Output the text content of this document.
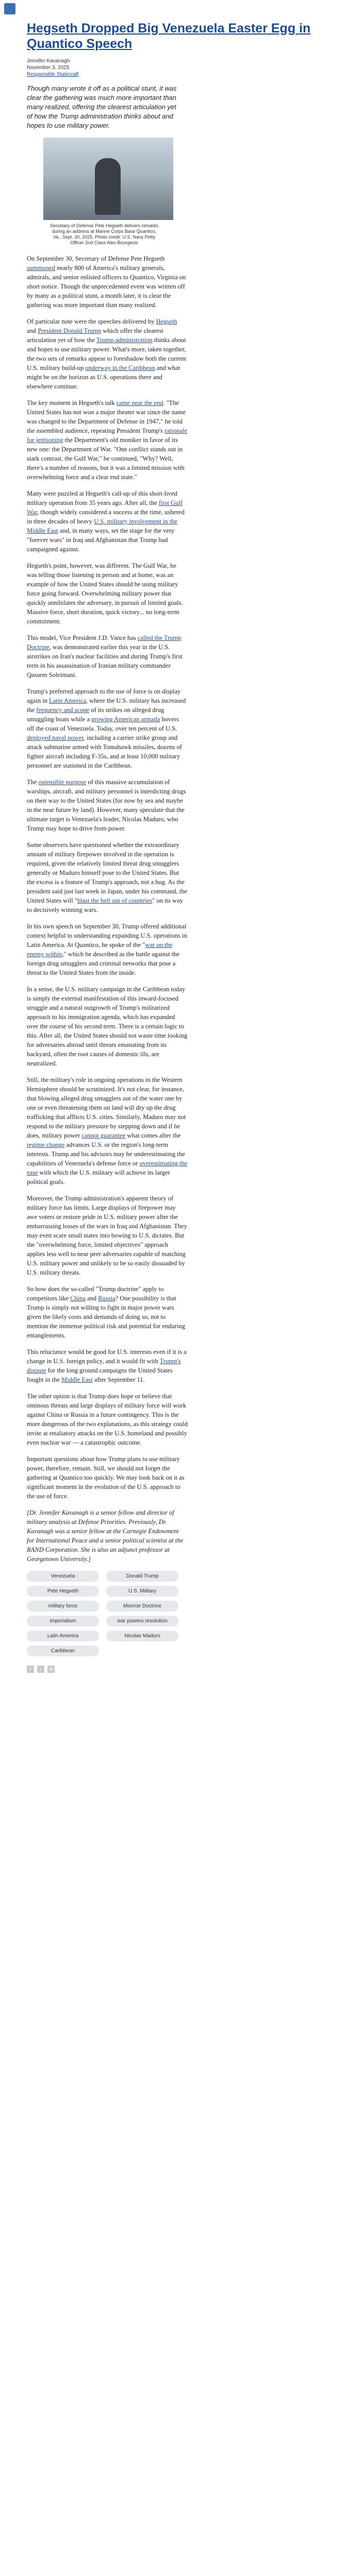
Hegseth Dropped Big Venezuela Easter Egg in Quantico Speech
Jennifer Kavanagh
November 3, 2025
Responsible Statecraft

Though many wrote it off as a political stunt, it was clear the gathering was much more important than many realized, offering the clearest articulation yet of how the Trump administration thinks about and hopes to use military power.

Secretary of Defense Pete Hegseth delivers remarks
during an address at Marine Corps Base Quantico,
Va., Sept. 30, 2025. Photo credit: U.S. Navy Petty
Officer 2nd Class Alex Bourgeois

On September 30, Secretary of Defense Pete Hegseth summoned nearly 800 of America's military generals, admirals, and senior enlisted officers to Quantico, Virginia on short notice. Though the unprecedented event was written off by many as a political stunt, a month later, it is clear the gathering was more important than many realized.

Of particular note were the speeches delivered by Hegseth and President Donald Trump which offer the clearest articulation yet of how the Trump administration thinks about and hopes to use military power. What's more, taken together, the two sets of remarks appear to foreshadow both the current U.S. military build-up underway in the Caribbean and what might be on the horizon as U.S. operations there and elsewhere continue.

The key moment in Hegseth's talk came near the end. "The United States has not won a major theater war since the name was changed to the Department of Defense in 1947," he told the assembled audience, repeating President Trump's rationale for jettisoning the Department's old moniker in favor of its new one: the Department of War. "One conflict stands out in stark contrast, the Gulf War," he continued, "Why? Well, there's a number of reasons, but it was a limited mission with overwhelming force and a clear end state."

Many were puzzled at Hegseth's call-up of this short-lived military operation from 35 years ago. After all, the first Gulf War, though widely considered a success at the time, ushered in three decades of heavy U.S. military involvement in the Middle East and, in many ways, set the stage for the very "forever wars" in Iraq and Afghanistan that Trump had campaigned against.

Hegseth's point, however, was different. The Gulf War, he was telling those listening in person and at home, was an example of how the United States should be using military force going forward. Overwhelming military power that quickly annihilates the adversary, in pursuit of limited goals. Massive force, short duration, quick victory... no long-term commitment.

This model, Vice President J.D. Vance has called the Trump Doctrine, was demonstrated earlier this year in the U.S. airstrikes on Iran's nuclear facilities and during Trump's first term in his assassination of Iranian military commander Qassem Soleimani.

Trump's preferred approach to the use of force is on display again in Latin America, where the U.S. military has increased the frequency and scope of its strikes on alleged drug smuggling boats while a growing American armada hovers off the coast of Venezuela. Today, over ten percent of U.S. deployed naval power, including a carrier strike group and attack submarine armed with Tomahawk missiles, dozens of fighter aircraft including F-35s, and at least 10,000 military personnel are stationed in the Caribbean.

The ostensible purpose of this massive accumulation of warships, aircraft, and military personnel is interdicting drugs on their way to the United States (for now by sea and maybe in the near future by land). However, many speculate that the ultimate target is Venezuela's leader, Nicolas Maduro, who Trump may hope to drive from power.

Some observers have questioned whether the extraordinary amount of military firepower involved in the operation is required, given the relatively limited threat drug smugglers generally or Maduro himself pose to the United States. But the excess is a feature of Trump's approach, not a bug. As the president said just last week in Japan, under his command, the United States will "blast the hell out of countries" on its way to decisively winning wars.

In his own speech on September 30, Trump offered additional context helpful to understanding expanding U.S. operations in Latin America. At Quantico, he spoke of the "war on the enemy within," which he described as the battle against the foreign drug smugglers and criminal networks that pose a threat to the United States from the inside.

In a sense, the U.S. military campaign in the Caribbean today is simply the external manifestation of this inward-focused struggle and a natural outgrowth of Trump's militarized approach to his immigration agenda, which has expanded over the course of his second term. There is a certain logic to this. After all, the United States should not waste time looking for adversaries abroad until threats emanating from its backyard, often the root causes of domestic ills, are neutralized.

Still, the military's role in ongoing operations in the Western Hemisphere should be scrutinized. It's not clear, for instance, that blowing alleged drug smugglers out of the water one by one or even threatening them on land will dry up the drug trafficking that afflicts U.S. cities. Similarly, Maduro may not respond to the military pressure by stepping down and if he does, military power cannot guarantee what comes after the regime change advances U.S. or the region's long-term interests. Trump and his advisors may be underestimating the capabilities of Venezuela's defense force or overestimating the ease with which the U.S. military will achieve its larger political goals.

Moreover, the Trump administration's apparent theory of military force has limits. Large displays of firepower may awe voters or restore pride in U.S. military power after the embarrassing losses of the wars in Iraq and Afghanistan. They may even scare small states into bowing to U.S. dictates. But the "overwhelming force, limited objectives" approach applies less well to near peer adversaries capable of matching U.S. military power and unlikely to be so easily dissuaded by U.S. military threats.

So how does the so-called "Trump doctrine" apply to competitors like China and Russia? One possibility is that Trump is simply not willing to fight in major power wars given the likely costs and demands of doing so, not to mention the immense political risk and potential for enduring entanglements.

This reluctance would be good for U.S. interests even if it is a change in U.S. foreign policy, and it would fit with Trump's distaste for the long ground campaigns the United States fought in the Middle East after September 11.

The other option is that Trump does hope or believe that ominous threats and large displays of military force will work against China or Russia in a future contingency. This is the more dangerous of the two explanations, as this strategy could invite at retaliatory attacks on the U.S. homeland and possibly even nuclear war — a catastrophic outcome.

Important questions about how Trump plans to use military power, therefore, remain. Still, we should not forget the gathering at Quantico too quickly. We may look back on it as significant moment in the evolution of the U.S. approach to the use of force.

[Dr. Jennifer Kavanagh is a senior fellow and director of military analysis at Defense Priorities. Previously, Dr. Kavanagh was a senior fellow at the Carnegie Endowment for International Peace and a senior political scientist at the RAND Corporation. She is also an adjunct professor at Georgetown University.]

Venezuela	Donald Trump
Pete Hegseth	U.S. Military
military force	Monroe Doctrine
imperialism	war powers resolution
Latin America	Nicolas Maduro
Caribbean
f	t	✉
